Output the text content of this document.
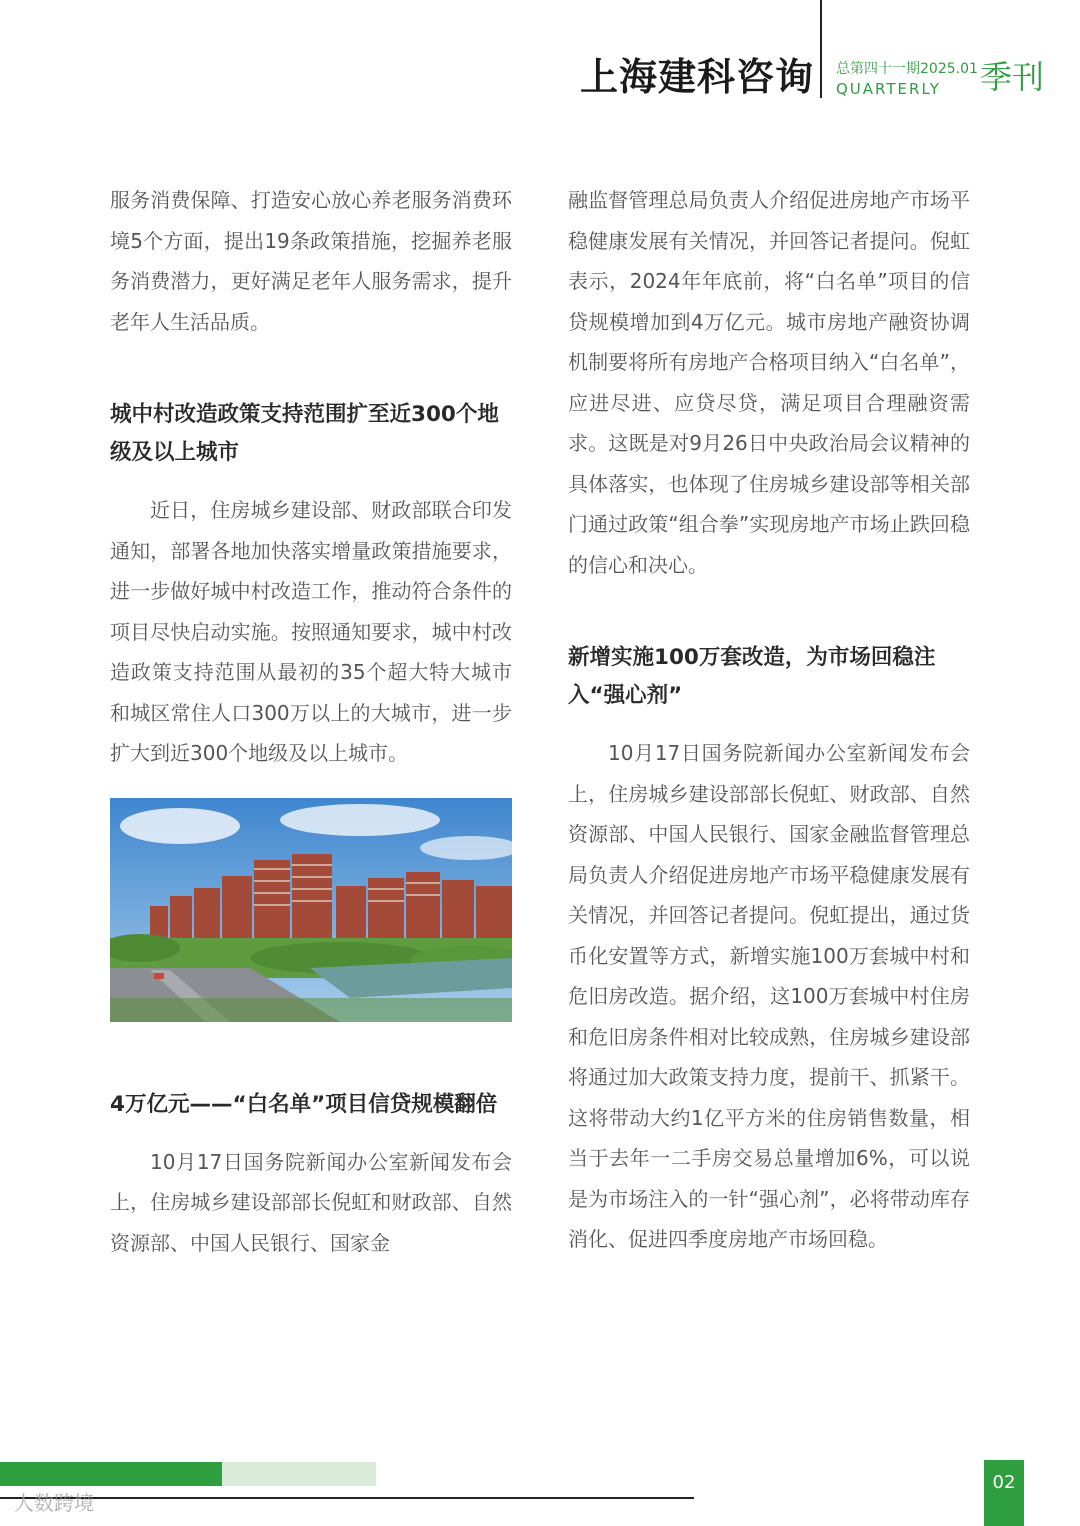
上海建科咨询 总第四十一期2025.01
QUARTERLY 季刊

服务消费保障、打造安心放心养老服务消费环境5个方面，提出19条政策措施，挖掘养老服务消费潜力，更好满足老年人服务需求，提升老年人生活品质。

城中村改造政策支持范围扩至近300个地级及以上城市

近日，住房城乡建设部、财政部联合印发通知，部署各地加快落实增量政策措施要求，进一步做好城中村改造工作，推动符合条件的项目尽快启动实施。按照通知要求，城中村改造政策支持范围从最初的35个超大特大城市和城区常住人口300万以上的大城市，进一步扩大到近300个地级及以上城市。

4万亿元——“白名单”项目信贷规模翻倍

10月17日国务院新闻办公室新闻发布会上，住房城乡建设部部长倪虹和财政部、自然资源部、中国人民银行、国家金

融监督管理总局负责人介绍促进房地产市场平稳健康发展有关情况，并回答记者提问。倪虹表示，2024年年底前，将“白名单”项目的信贷规模增加到4万亿元。城市房地产融资协调机制要将所有房地产合格项目纳入“白名单”，应进尽进、应贷尽贷，满足项目合理融资需求。这既是对9月26日中央政治局会议精神的具体落实，也体现了住房城乡建设部等相关部门通过政策“组合拳”实现房地产市场止跌回稳的信心和决心。

新增实施100万套改造，为市场回稳注入“强心剂”

10月17日国务院新闻办公室新闻发布会上，住房城乡建设部部长倪虹、财政部、自然资源部、中国人民银行、国家金融监督管理总局负责人介绍促进房地产市场平稳健康发展有关情况，并回答记者提问。倪虹提出，通过货币化安置等方式，新增实施100万套城中村和危旧房改造。据介绍，这100万套城中村住房和危旧房条件相对比较成熟，住房城乡建设部将通过加大政策支持力度，提前干、抓紧干。这将带动大约1亿平方米的住房销售数量，相当于去年一二手房交易总量增加6%，可以说是为市场注入的一针“强心剂”，必将带动库存消化、促进四季度房地产市场回稳。

02
人数跨境
